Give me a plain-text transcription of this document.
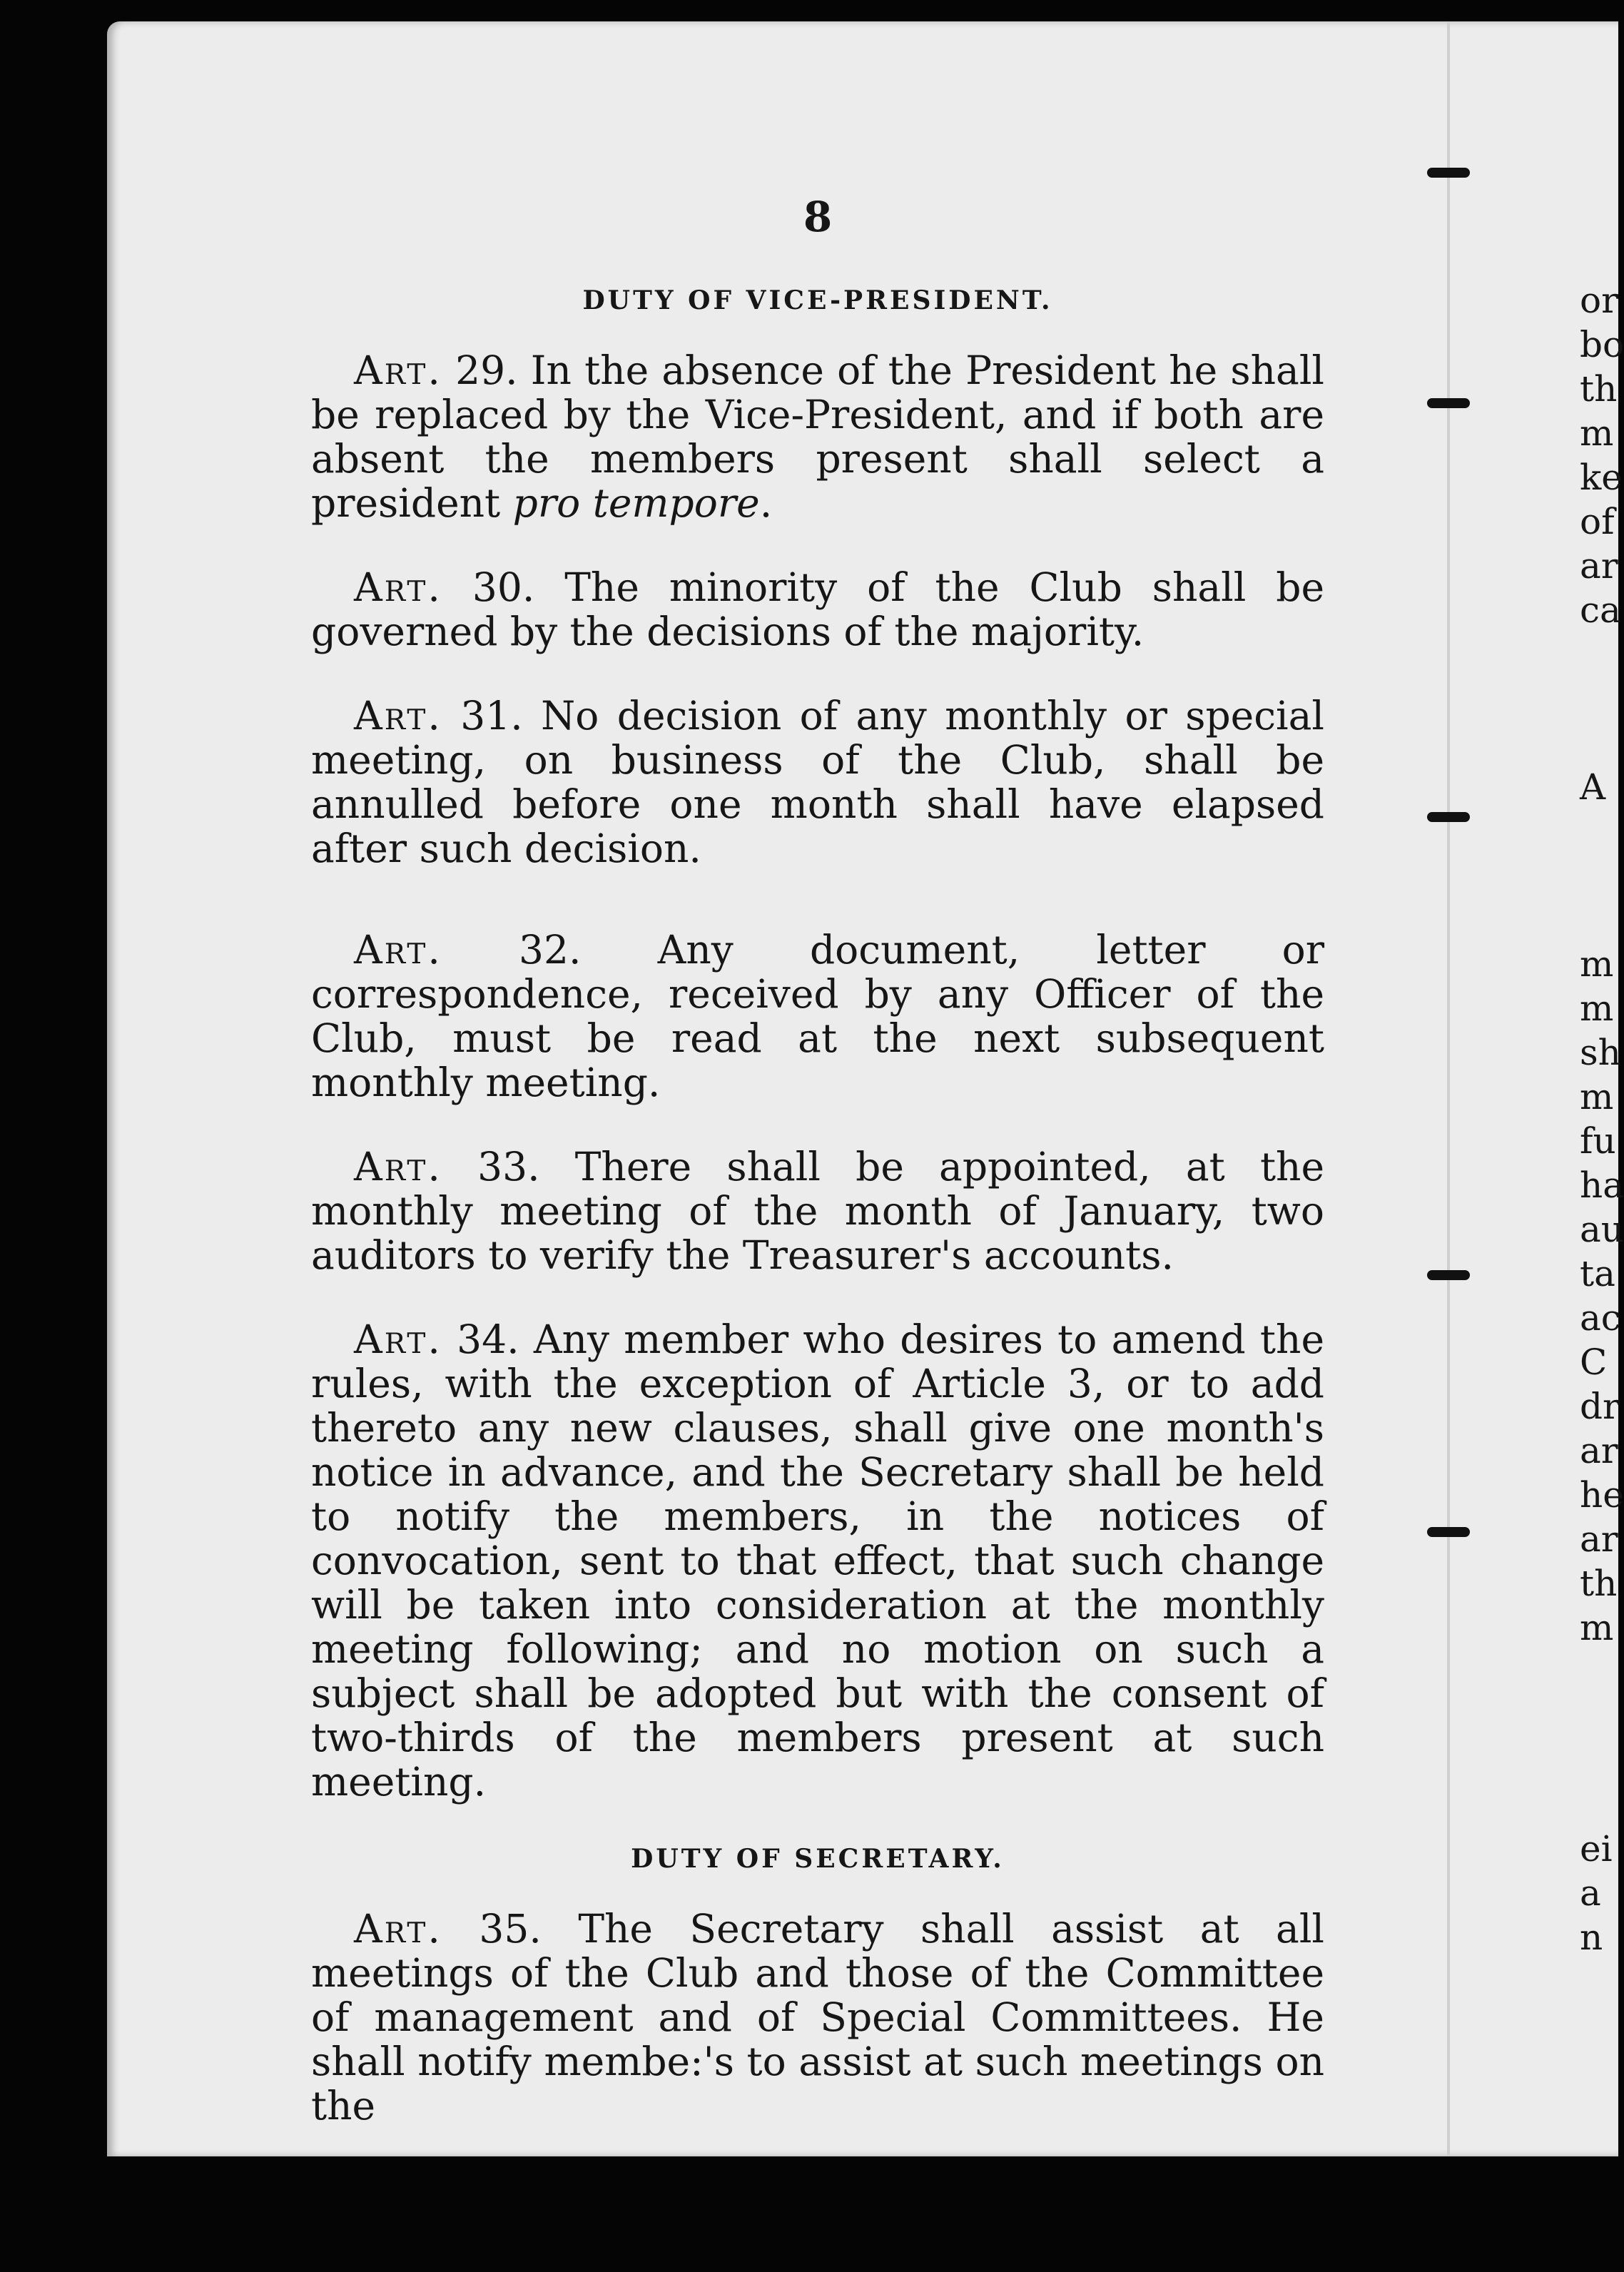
8
DUTY OF VICE-PRESIDENT.

Art. 29. In the absence of the President he shall be replaced by the Vice-President, and if both are absent the members present shall select a president pro tempore.

Art. 30. The minority of the Club shall be governed by the decisions of the majority.

Art. 31. No decision of any monthly or special meeting, on business of the Club, shall be annulled before one month shall have elapsed after such decision.

Art. 32. Any document, letter or correspondence, received by any Officer of the Club, must be read at the next subsequent monthly meeting.

Art. 33. There shall be appointed, at the monthly meeting of the month of January, two auditors to verify the Treasurer's accounts.

Art. 34. Any member who desires to amend the rules, with the exception of Article 3, or to add thereto any new clauses, shall give one month's notice in advance, and the Secretary shall be held to notify the members, in the notices of convocation, sent to that effect, that such change will be taken into consideration at the monthly meeting following; and no motion on such a subject shall be adopted but with the consent of two-thirds of the members present at such meeting.

DUTY OF SECRETARY.

Art. 35. The Secretary shall assist at all meetings of the Club and those of the Committee of management and of Special Committees. He shall notify membe:'s to assist at such meetings on the

or
bo
th
m
ke
of
ar
ca
A
m
m
sh
m
fu
ha
au
ta
ac
C
dr
ar
he
ar
th
m
ei
a
n
